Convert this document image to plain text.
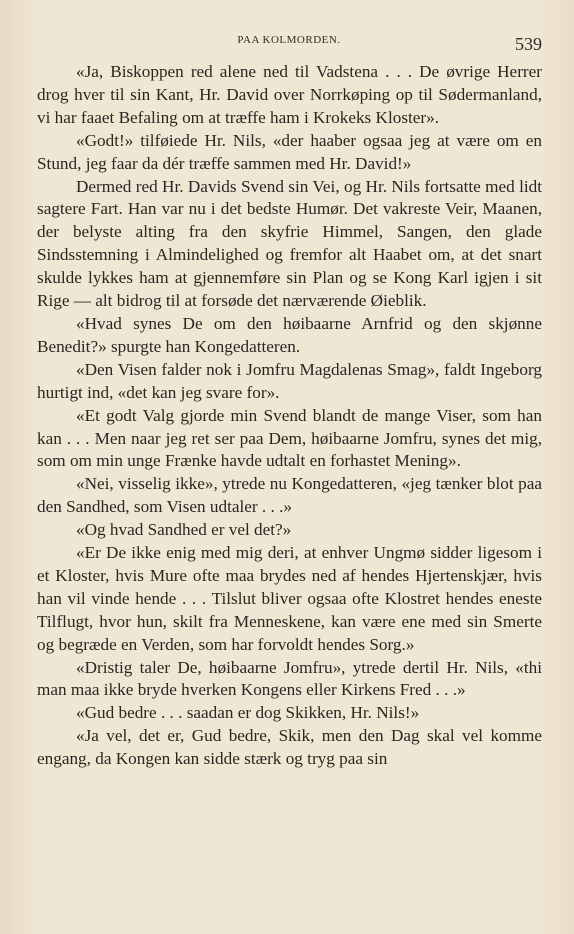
PAA KOLMORDEN.	539

«Ja, Biskoppen red alene ned til Vadstena . . . De øvrige Herrer drog hver til sin Kant, Hr. David over Norrkøping op til Sødermanland, vi har faaet Befaling om at træffe ham i Krokeks Kloster».

«Godt!» tilføiede Hr. Nils, «der haaber ogsaa jeg at være om en Stund, jeg faar da dér træffe sammen med Hr. David!»

Dermed red Hr. Davids Svend sin Vei, og Hr. Nils fortsatte med lidt sagtere Fart. Han var nu i det bedste Humør. Det vakreste Veir, Maanen, der belyste alting fra den skyfrie Himmel, Sangen, den glade Sindsstemning i Almindelighed og fremfor alt Haabet om, at det snart skulde lykkes ham at gjennemføre sin Plan og se Kong Karl igjen i sit Rige — alt bidrog til at forsøde det nærværende Øieblik.

«Hvad synes De om den høibaarne Arnfrid og den skjønne Benedit?» spurgte han Kongedatteren.

«Den Visen falder nok i Jomfru Magdalenas Smag», faldt Ingeborg hurtigt ind, «det kan jeg svare for».

«Et godt Valg gjorde min Svend blandt de mange Viser, som han kan . . . Men naar jeg ret ser paa Dem, høibaarne Jomfru, synes det mig, som om min unge Frænke havde udtalt en forhastet Mening».

«Nei, visselig ikke», ytrede nu Kongedatteren, «jeg tænker blot paa den Sandhed, som Visen udtaler . . .»

«Og hvad Sandhed er vel det?»

«Er De ikke enig med mig deri, at enhver Ungmø sidder ligesom i et Kloster, hvis Mure ofte maa brydes ned af hendes Hjertenskjær, hvis han vil vinde hende . . . Tilslut bliver ogsaa ofte Klostret hendes eneste Tilflugt, hvor hun, skilt fra Menneskene, kan være ene med sin Smerte og begræde en Verden, som har forvoldt hendes Sorg.»

«Dristig taler De, høibaarne Jomfru», ytrede dertil Hr. Nils, «thi man maa ikke bryde hverken Kongens eller Kirkens Fred . . .»

«Gud bedre . . . saadan er dog Skikken, Hr. Nils!»

«Ja vel, det er, Gud bedre, Skik, men den Dag skal vel komme engang, da Kongen kan sidde stærk og tryg paa sin
